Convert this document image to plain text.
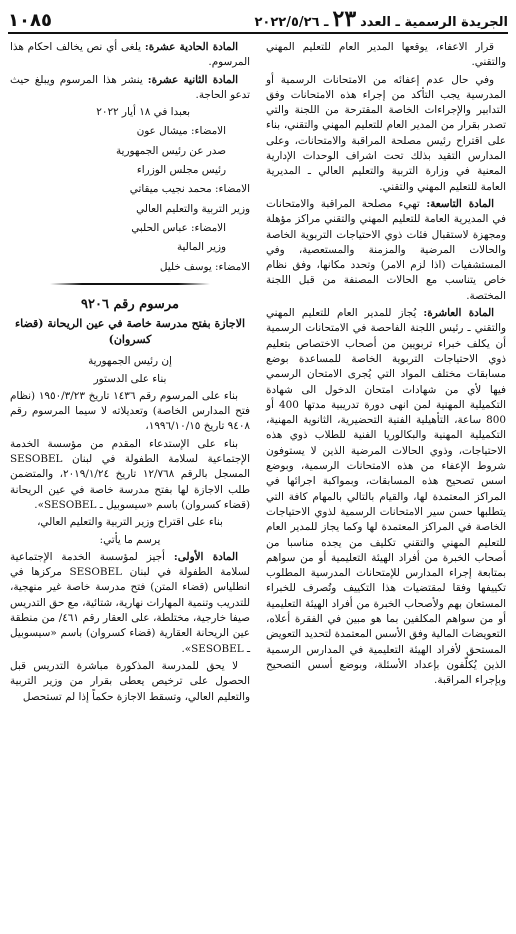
الجريدة الرسمية ـ العدد
٢٣
ـ ٢٠٢٢/٥/٢٦
١٠٨٥

قرار الاعفاء، يوقعها المدير العام للتعليم المهني والتقني.

وفي حال عدم إعفائه من الامتحانات الرسمية أو المدرسية يجب التأكد من إجراء هذه الامتحانات وفق التدابير والإجراءات الخاصة المقترحة من اللجنة والتي تصدر بقرار من المدير العام للتعليم المهني والتقني، بناء على اقتراح رئيس مصلحة المراقبة والامتحانات، وعلى المدارس التقيد بذلك تحت اشراف الوحدات الإدارية المعنية في وزارة التربية والتعليم العالي ـ المديرية العامة للتعليم المهني والتقني.

المادة التاسعة: تهيء مصلحة المراقبة والامتحانات في المديرية العامة للتعليم المهني والتقني مراكز مؤهلة ومجهزة لاستقبال فئات ذوي الاحتياجات التربوية الخاصة والحالات المرضية والمزمنة والمستعصية، وفي المستشفيات (اذا لزم الامر) وتحدد مكانها، وفق نظام خاص يتناسب مع الحالات المصنفة من قبل اللجنة المختصة.

المادة العاشرة: يُجاز للمدير العام للتعليم المهني والتقني ـ رئيس اللجنة الفاحصة في الامتحانات الرسمية أن يكلف خبراء تربويين من أصحاب الاختصاص بتعليم ذوي الاحتياجات التربوية الخاصة للمساعدة بوضع مسابقات مختلف المواد التي يُجرى الامتحان الرسمي فيها لأي من شهادات امتحان الدخول الى شهادة التكميلية المهنية لمن انهى دورة تدريبية مدتها 400 أو 800 ساعة، التأهيلية الفنية التحضيرية، الثانوية المهنية، التكميلية المهنية والبكالوريا الفنية للطلاب ذوي هذه الاحتياجات، وذوي الحالات المرضية الذين لا يستوفون شروط الإعفاء من هذه الامتحانات الرسمية، وبوضع اسس تصحيح هذه المسابقات، وبمواكبة اجرائها في المراكز المعتمدة لها، والقيام بالتالي بالمهام كافة التي يتطلبها حسن سير الامتحانات الرسمية لذوي الاحتياجات الخاصة في المراكز المعتمدة لها وكما يجاز للمدير العام للتعليم المهني والتقني تكليف من يجده مناسبا من أصحاب الخبرة من أفراد الهيئة التعليمية أو من سواهم بمتابعة إجراء المدارس للإمتحانات المدرسية المطلوب تكييفها وفقا لمقتضيات هذا التكييف وتُصرف للخبراء المستعان بهم ولأصحاب الخبرة من أفراد الهيئة التعليمية أو من سواهم المكلفين بما هو مبين في الفقرة أعلاه، التعويضات المالية وفق الأسس المعتمدة لتحديد التعويض المستحق لأفراد الهيئة التعليمية في المدارس الرسمية الذين يُكلّفون بإعداد الأسئلة، وبوضع أسس التصحيح وبإجراء المراقبة.

المادة الحادية عشرة: يلغى أي نص يخالف احكام هذا المرسوم.

المادة الثانية عشرة: ينشر هذا المرسوم ويبلغ حيث تدعو الحاجة.

بعبدا في ١٨ أيار ٢٠٢٢

الامضاء: ميشال عون

صدر عن رئيس الجمهورية

رئيس مجلس الوزراء

الامضاء: محمد نجيب ميقاتي

وزير التربية والتعليم العالي

الامضاء: عباس الحلبي

وزير المالية

الامضاء: يوسف خليل

مرسوم رقم ٩٢٠٦
الاجازة بفتح مدرسة خاصة في عين الريحانة (قضاء كسروان)

إن رئيس الجمهورية

بناء على الدستور

بناء على المرسوم رقم ١٤٣٦ تاريخ ١٩٥٠/٣/٢٣ (نظام فتح المدارس الخاصة) وتعديلاته لا سيما المرسوم رقم ٩٤٠٨ تاريخ ١٩٩٦/١٠/١٥،

بناء على الإستدعاء المقدم من مؤسسة الخدمة الإجتماعية لسلامة الطفولة في لبنان SESOBEL المسجل بالرقم ١٢/٧٦٨ تاريخ ٢٠١٩/١/٢٤، والمتضمن طلب الاجازة لها بفتح مدرسة خاصة في عين الريحانة (قضاء كسروان) باسم «سيسوبيل ـ SESOBEL».

بناء على اقتراح وزير التربية والتعليم العالي،

يرسم ما يأتي:

المادة الأولى: أجيز لمؤسسة الخدمة الإجتماعية لسلامة الطفولة في لبنان SESOBEL مركزها في انطلياس (قضاء المتن) فتح مدرسة خاصة غير منهجية، للتدريب وتنمية المهارات نهارية، شتائية، مع حق التدريس صيفا خارجية، مختلطة، على العقار رقم ٤٦١/ من منطقة عين الريحانة العقارية (قضاء كسروان) باسم «سيسوبيل ـ SESOBEL».

لا يحق للمدرسة المذكورة مباشرة التدريس قبل الحصول على ترخيص يعطى بقرار من وزير التربية والتعليم العالي، وتسقط الاجازة حكماً إذا لم تستحصل
